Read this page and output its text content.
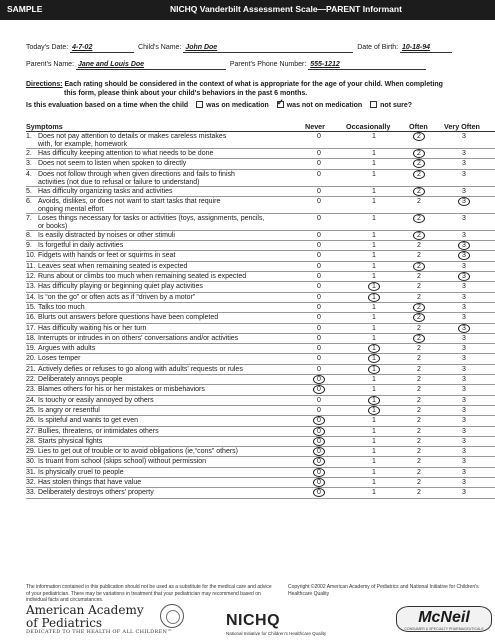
SAMPLE	NICHQ Vanderbilt Assessment Scale—PARENT Informant
Today's Date: 4-7-02	Child's Name: John Doe	Date of Birth: 10-18-94
Parent's Name: Jane and Louis Doe	Parent's Phone Number: 555-1212
Directions: Each rating should be considered in the context of what is appropriate for the age of your child. When completing
this form, please think about your child's behaviors in the past 6 months.
Is this evaluation based on a time when the child	was on medication ✓	was not on medication	not sure?
Symptoms	Never	Occasionally	Often Very Often
1. Does not pay attention to details or makes careless mistakes
with, for example, homework
0	1	2	3
2. Has difficulty keeping attention to what needs to be done	0	1	2	3
3. Does not seem to listen when spoken to directly	0	1	2	3
4. Does not follow through when given directions and fails to finish
activities (not due to refusal or failure to understand)
0	1	2	3
5. Has difficulty organizing tasks and activities	0	1	2	3
6. Avoids, dislikes, or does not want to start tasks that require
ongoing mental effort
0	1	2	3
7. Loses things necessary for tasks or activities (toys, assignments, pencils,
or books)
0	1	2	3
8. Is easily distracted by noises or other stimuli	0	1	2	3
9. Is forgetful in daily activities	0	1	2	3
10. Fidgets with hands or feet or squirms in seat	0	1	2	3
11. Leaves seat when remaining seated is expected	0	1	2	3
12. Runs about or climbs too much when remaining seated is expected	0	1	2	3
13. Has difficulty playing or beginning quiet play activities	0	1	2	3
14. Is “on the go” or often acts as if “driven by a motor”	0	1	2	3
15. Talks too much	0	1	2	3
16. Blurts out answers before questions have been completed	0	1	2	3
17. Has difficulty waiting his or her turn	0	1	2	3
18. Interrupts or intrudes in on others' conversations and/or activities	0	1	2	3
19. Argues with adults	0	1	2	3
20. Loses temper	0	1	2	3
21. Actively defies or refuses to go along with adults' requests or rules	0	1	2	3
22. Deliberately annoys people	0	1	2	3
23. Blames others for his or her mistakes or misbehaviors	0	1	2	3
24. Is touchy or easily annoyed by others	0	1	2	3
25. Is angry or resentful	0	1	2	3
26. Is spiteful and wants to get even	0	1	2	3
27. Bullies, threatens, or intimidates others	0	1	2	3
28. Starts physical fights	0	1	2	3
29. Lies to get out of trouble or to avoid obligations (ie,“cons” others)	0	1	2	3
30. Is truant from school (skips school) without permission	0	1	2	3
31. Is physically cruel to people	0	1	2	3
32. Has stolen things that have value	0	1	2	3
33. Deliberately destroys others' property	0	1	2	3
The information contained in this publication should not be used as a substitute for the medical care and advice of your pediatrician. There may be variations in treatment that your pediatrician may recommend based on individual facts and circumstances.
Copyright ©2002 American Academy of Pediatrics and National Initiative for Children's Healthcare Quality
American Academy
of Pediatrics
DEDICATED TO THE HEALTH OF ALL CHILDREN™
NICHQ
National Initiative for Children's Healthcare Quality
McNeil
CONSUMER & SPECIALTY PHARMACEUTICALS
